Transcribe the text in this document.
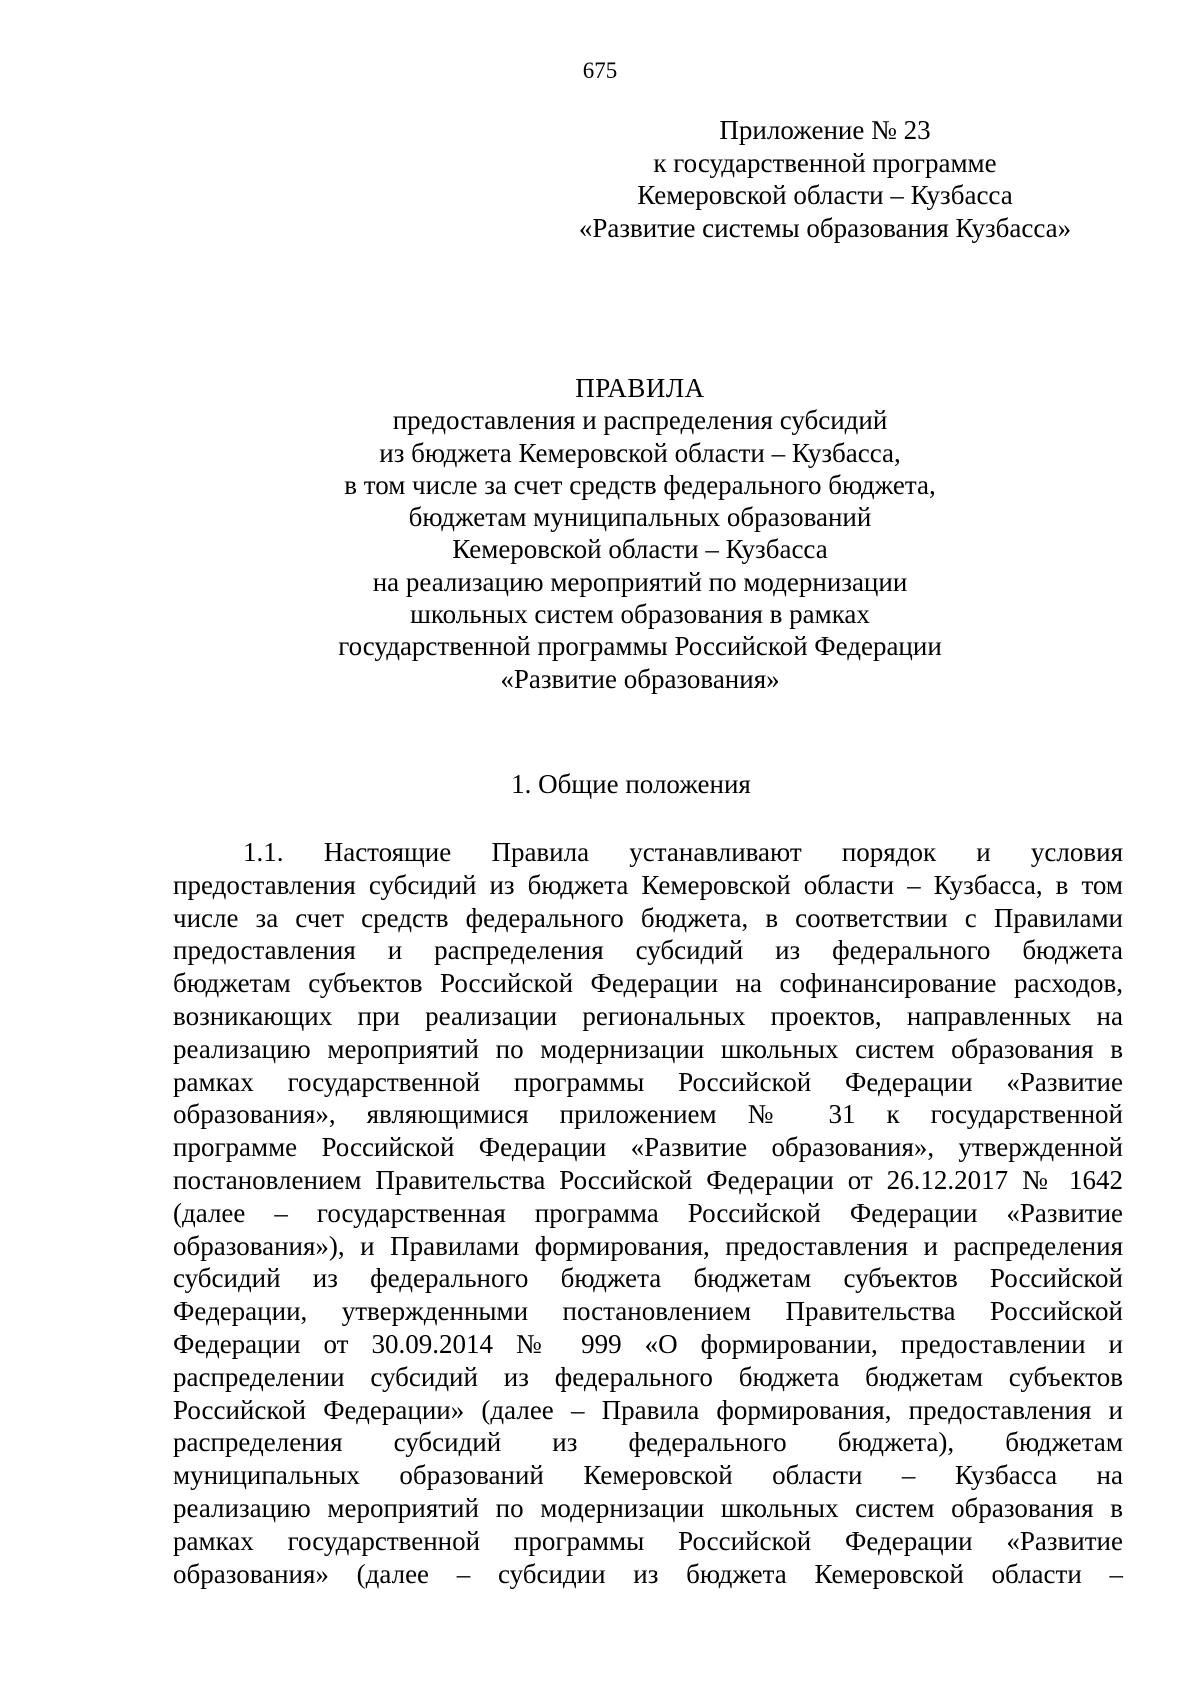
675
Приложение № 23
к государственной программе
Кемеровской области – Кузбасса
«Развитие системы образования Кузбасса»
ПРАВИЛА
предоставления и распределения субсидий
из бюджета Кемеровской области – Кузбасса,
в том числе за счет средств федерального бюджета,
бюджетам муниципальных образований
Кемеровской области – Кузбасса
на реализацию мероприятий по модернизации
школьных систем образования в рамках
государственной программы Российской Федерации
«Развитие образования»
1. Общие положения
1.1. Настоящие Правила устанавливают порядок и условия
предоставления субсидий из бюджета Кемеровской области – Кузбасса, в том
числе за счет средств федерального бюджета, в соответствии с Правилами
предоставления и распределения субсидий из федерального бюджета
бюджетам субъектов Российской Федерации на софинансирование расходов,
возникающих при реализации региональных проектов, направленных на
реализацию мероприятий по модернизации школьных систем образования в
рамках государственной программы Российской Федерации «Развитие
образования», являющимися приложением № 31 к государственной
программе Российской Федерации «Развитие образования», утвержденной
постановлением Правительства Российской Федерации от 26.12.2017 № 1642
(далее – государственная программа Российской Федерации «Развитие
образования»), и Правилами формирования, предоставления и распределения
субсидий из федерального бюджета бюджетам субъектов Российской
Федерации, утвержденными постановлением Правительства Российской
Федерации от 30.09.2014 № 999 «О формировании, предоставлении и
распределении субсидий из федерального бюджета бюджетам субъектов
Российской Федерации» (далее – Правила формирования, предоставления и
распределения субсидий из федерального бюджета), бюджетам
муниципальных образований Кемеровской области – Кузбасса на
реализацию мероприятий по модернизации школьных систем образования в
рамках государственной программы Российской Федерации «Развитие
образования» (далее – субсидии из бюджета Кемеровской области –
